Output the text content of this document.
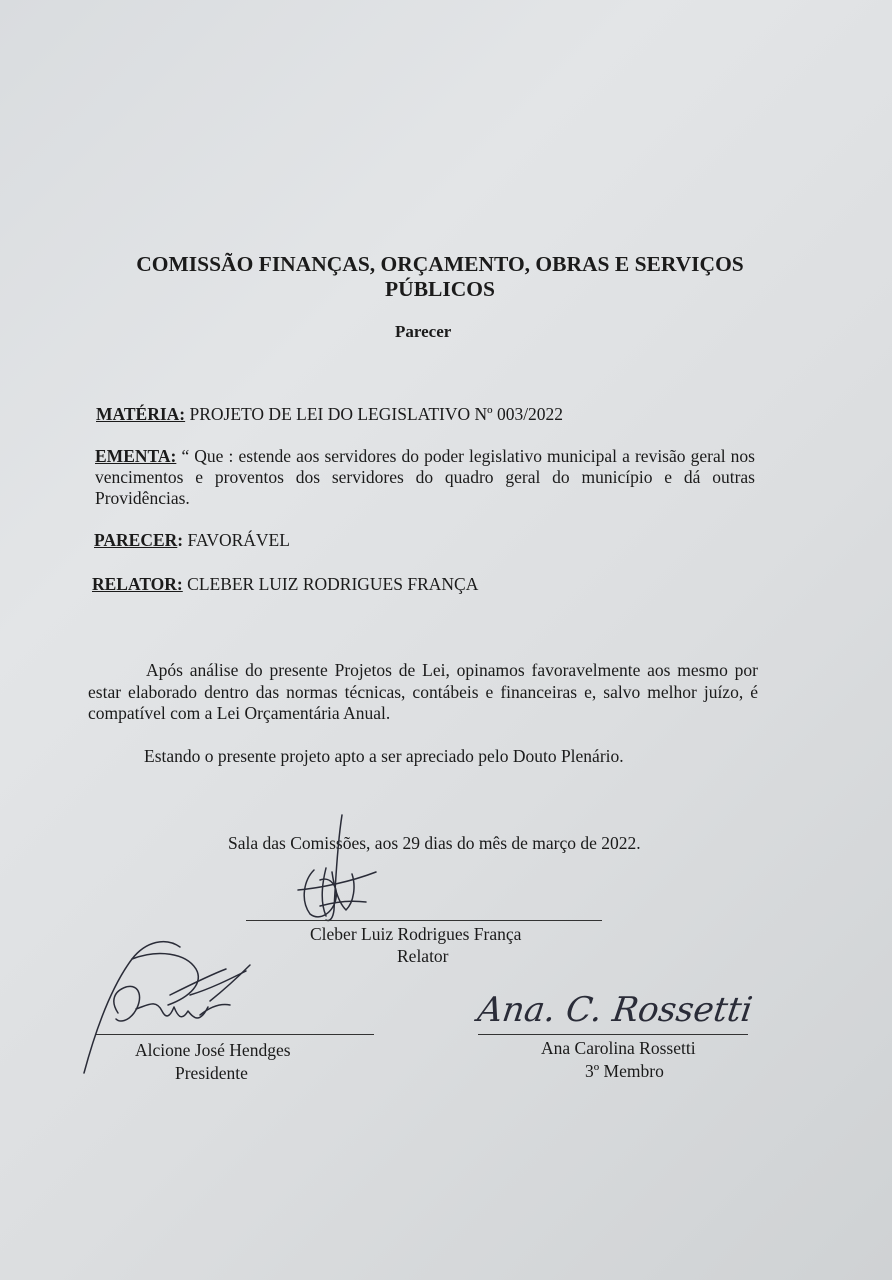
COMISSÃO FINANÇAS, ORÇAMENTO, OBRAS E SERVIÇOS
PÚBLICOS
Parecer
MATÉRIA: PROJETO DE LEI DO LEGISLATIVO Nº 003/2022
EMENTA: “ Que : estende aos servidores do poder legislativo municipal a revisão geral nos vencimentos e proventos dos servidores do quadro geral do município e dá outras Providências.
PARECER: FAVORÁVEL
RELATOR: CLEBER LUIZ RODRIGUES FRANÇA
Após análise do presente Projetos de Lei, opinamos favoravelmente aos mesmo por estar elaborado dentro das normas técnicas, contábeis e financeiras e, salvo melhor juízo, é compatível com a Lei Orçamentária Anual.
Estando o presente projeto apto a ser apreciado pelo Douto Plenário.
Sala das Comissões, aos 29 dias do mês de março de 2022.
Cleber Luiz Rodrigues França
Relator
Alcione José Hendges
Presidente
Ana. C. Rossetti
Ana Carolina Rossetti
3º Membro
